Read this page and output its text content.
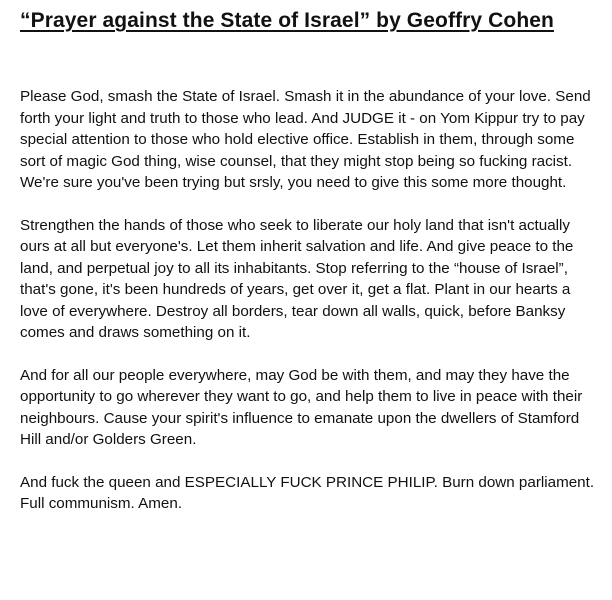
“Prayer against the State of Israel” by Geoffry Cohen

Please God, smash the State of Israel. Smash it in the abundance of your love. Send forth your light and truth to those who lead. And JUDGE it - on Yom Kippur try to pay special attention to those who hold elective office. Establish in them, through some sort of magic God thing, wise counsel, that they might stop being so fucking racist. We're sure you've been trying but srsly, you need to give this some more thought.

Strengthen the hands of those who seek to liberate our holy land that isn't actually ours at all but everyone's. Let them inherit salvation and life. And give peace to the land, and perpetual joy to all its inhabitants. Stop referring to the “house of Israel”, that's gone, it's been hundreds of years, get over it, get a flat. Plant in our hearts a love of everywhere. Destroy all borders, tear down all walls, quick, before Banksy comes and draws something on it.

And for all our people everywhere, may God be with them, and may they have the opportunity to go wherever they want to go, and help them to live in peace with their neighbours. Cause your spirit's influence to emanate upon the dwellers of Stamford Hill and/or Golders Green.

And fuck the queen and ESPECIALLY FUCK PRINCE PHILIP. Burn down parliament. Full communism. Amen.
